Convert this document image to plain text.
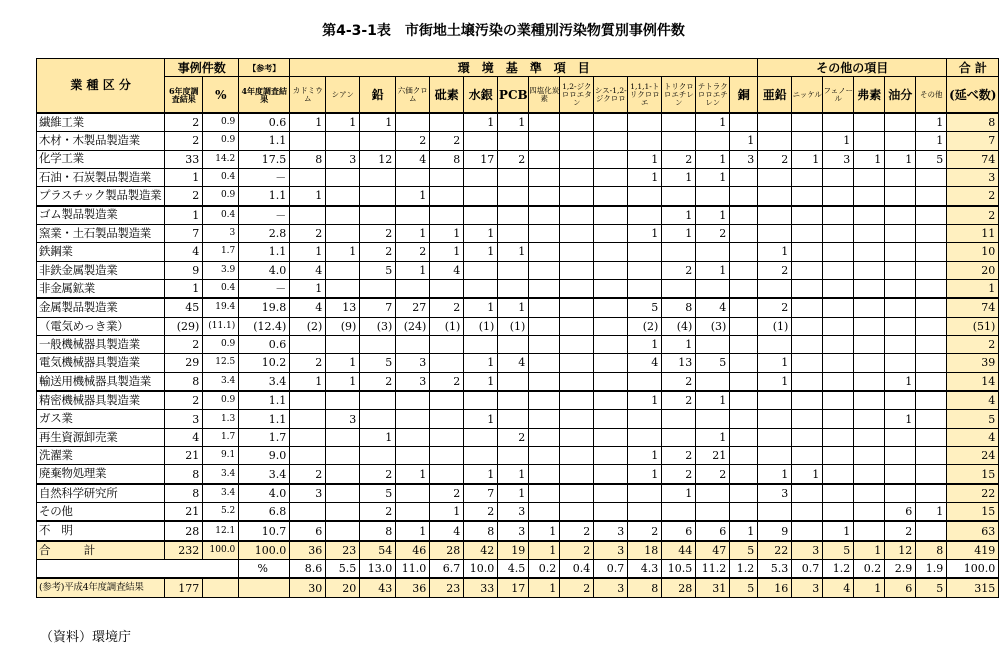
第4-3-1表　市街地土壌汚染の業種別汚染物質別事例件数
業 種 区 分	事例件数		【参考】	環　境　基　準　項　目														その他の項目						合 計
	6年度調査結果	%	4年度調査結果	カドミウム	シアン	鉛	六価クロム	砒素	水銀	PCB	四塩化炭素	1,2-ジクロロエタン	シス-1,2-ジクロロ	1,1,1-トリクロロエ	トリクロロエチレン	テトラクロロエチレン	銅	亜鉛	ニッケル	フェノール	弗素	油分	その他	(延べ数)
繊維工業	2	0.9	0.6	1	1	1			1	1						1							1	8
木材・木製品製造業	2	0.9	1.1				2	2									1			1			1	7
化学工業	33	14.2	17.5	8	3	12	4	8	17	2				1	2	1	3	2	1	3	1	1	5	74
石油・石炭製品製造業	1	0.4	－											1	1	1								3
プラスチック製品製造業	2	0.9	1.1	1			1																	2
ゴム製品製造業	1	0.4	－												1	1								2
窯業・土石製品製造業	7	3	2.8	2		2	1	1	1					1	1	2								11
鉄鋼業	4	1.7	1.1	1	1	2	2	1	1	1								1						10
非鉄金属製造業	9	3.9	4.0	4		5	1	4							2	1		2						20
非金属鉱業	1	0.4	－	1																				1
金属製品製造業	45	19.4	19.8	4	13	7	27	2	1	1				5	8	4		2						74
（電気めっき業）	(29)	(11.1)	(12.4)	(2)	(9)	(3)	(24)	(1)	(1)	(1)				(2)	(4)	(3)		(1)						(51)
一般機械器具製造業	2	0.9	0.6											1	1									2
電気機械器具製造業	29	12.5	10.2	2	1	5	3		1	4				4	13	5		1						39
輸送用機械器具製造業	8	3.4	3.4	1	1	2	3	2	1						2			1				1		14
精密機械器具製造業	2	0.9	1.1											1	2	1								4
ガス業	3	1.3	1.1		3				1													1		5
再生資源卸売業	4	1.7	1.7			1				2						1								4
洗濯業	21	9.1	9.0											1	2	21								24
廃棄物処理業	8	3.4	3.4	2		2	1		1	1				1	2	2		1	1					15
自然科学研究所	8	3.4	4.0	3		5		2	7	1					1			3						22
その他	21	5.2	6.8			2		1	2	3												6	1	15
不　明	28	12.1	10.7	6		8	1	4	8	3	1	2	3	2	6	6	1	9		1		2		63
合　　　計	232	100.0	100.0	36	23	54	46	28	42	19	1	2	3	18	44	47	5	22	3	5	1	12	8	419
			%	8.6	5.5	13.0	11.0	6.7	10.0	4.5	0.2	0.4	0.7	4.3	10.5	11.2	1.2	5.3	0.7	1.2	0.2	2.9	1.9	100.0
(参考)平成4年度調査結果	177			30	20	43	36	23	33	17	1	2	3	8	28	31	5	16	3	4	1	6	5	315
（資料）環境庁
